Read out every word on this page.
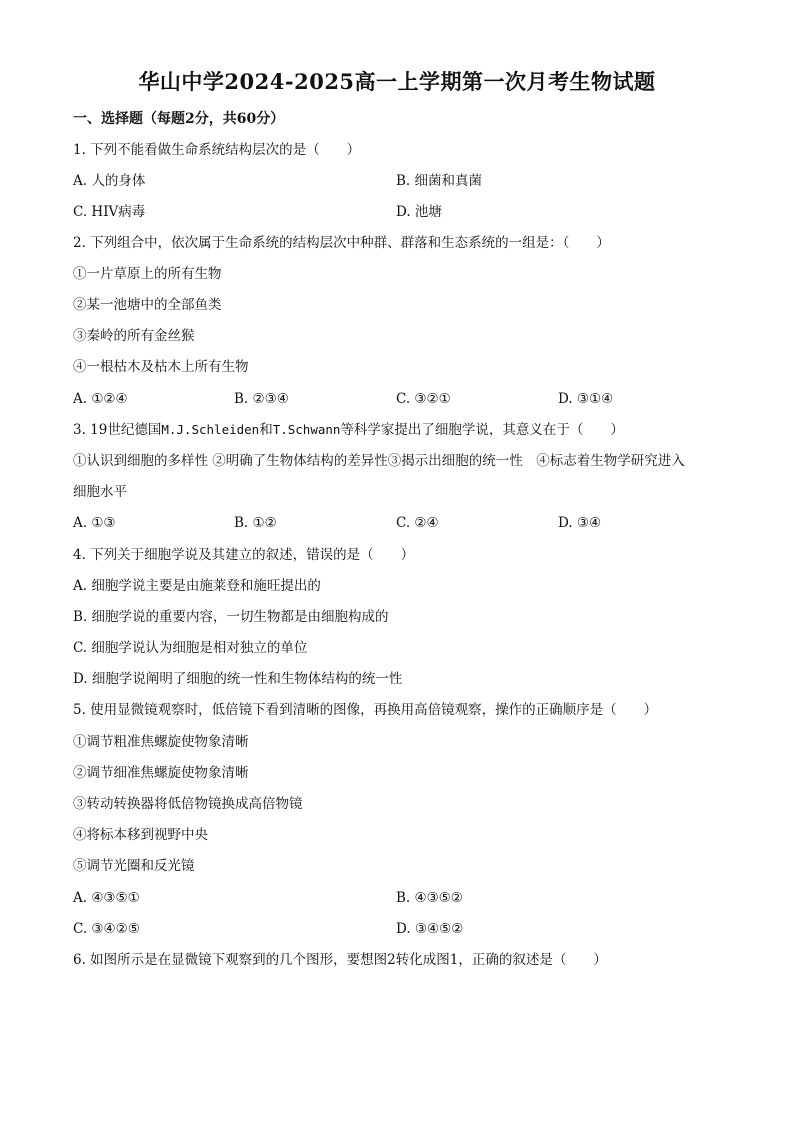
华山中学2024-2025高一上学期第一次月考生物试题
一、选择题（每题2分，共60分）
1. 下列不能看做生命系统结构层次的是（　　）
A. 人的身体	B. 细菌和真菌
C. HIV病毒	D. 池塘
2. 下列组合中，依次属于生命系统的结构层次中种群、群落和生态系统的一组是：（　　）
①一片草原上的所有生物
②某一池塘中的全部鱼类
③秦岭的所有金丝猴
④一根枯木及枯木上所有生物
A. ①②④	B. ②③④	C. ③②①	D. ③①④
3. 19世纪德国M.J.Schleiden和T.Schwann等科学家提出了细胞学说，其意义在于（　　）
①认识到细胞的多样性 ②明确了生物体结构的差异性③揭示出细胞的统一性　④标志着生物学研究进入
细胞水平
A. ①③	B. ①②	C. ②④	D. ③④
4. 下列关于细胞学说及其建立的叙述，错误的是（　　）
A. 细胞学说主要是由施莱登和施旺提出的
B. 细胞学说的重要内容，一切生物都是由细胞构成的
C. 细胞学说认为细胞是相对独立的单位
D. 细胞学说阐明了细胞的统一性和生物体结构的统一性
5. 使用显微镜观察时，低倍镜下看到清晰的图像，再换用高倍镜观察，操作的正确顺序是（　　）
①调节粗准焦螺旋使物象清晰
②调节细准焦螺旋使物象清晰
③转动转换器将低倍物镜换成高倍物镜
④将标本移到视野中央
⑤调节光圈和反光镜
A. ④③⑤①	B. ④③⑤②
C. ③④②⑤	D. ③④⑤②
6. 如图所示是在显微镜下观察到的几个图形，要想图2转化成图1，正确的叙述是（　　）
